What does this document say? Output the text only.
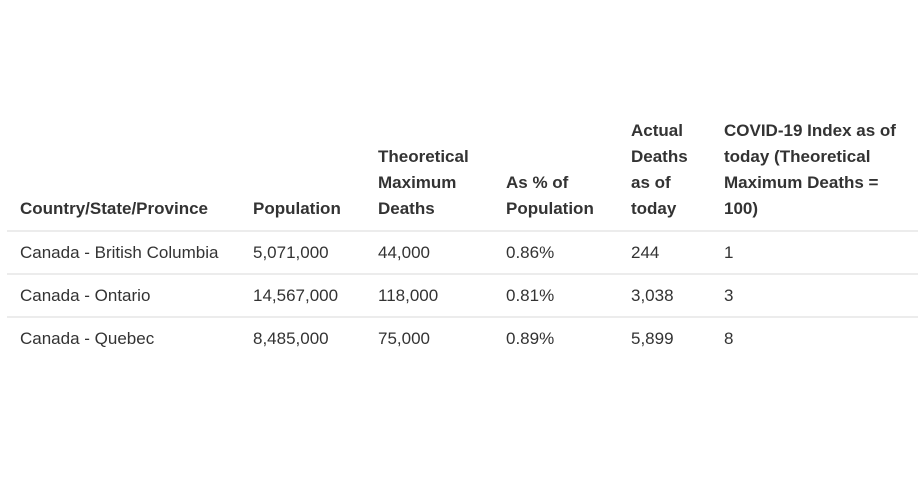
Country/State/Province	Population	Theoretical Maximum Deaths	As % of Population	Actual Deaths as of today	COVID-19 Index as of today (Theoretical Maximum Deaths = 100)
Canada - British Columbia	5,071,000	44,000	0.86%	244	1
Canada - Ontario	14,567,000	118,000	0.81%	3,038	3
Canada - Quebec	8,485,000	75,000	0.89%	5,899	8
